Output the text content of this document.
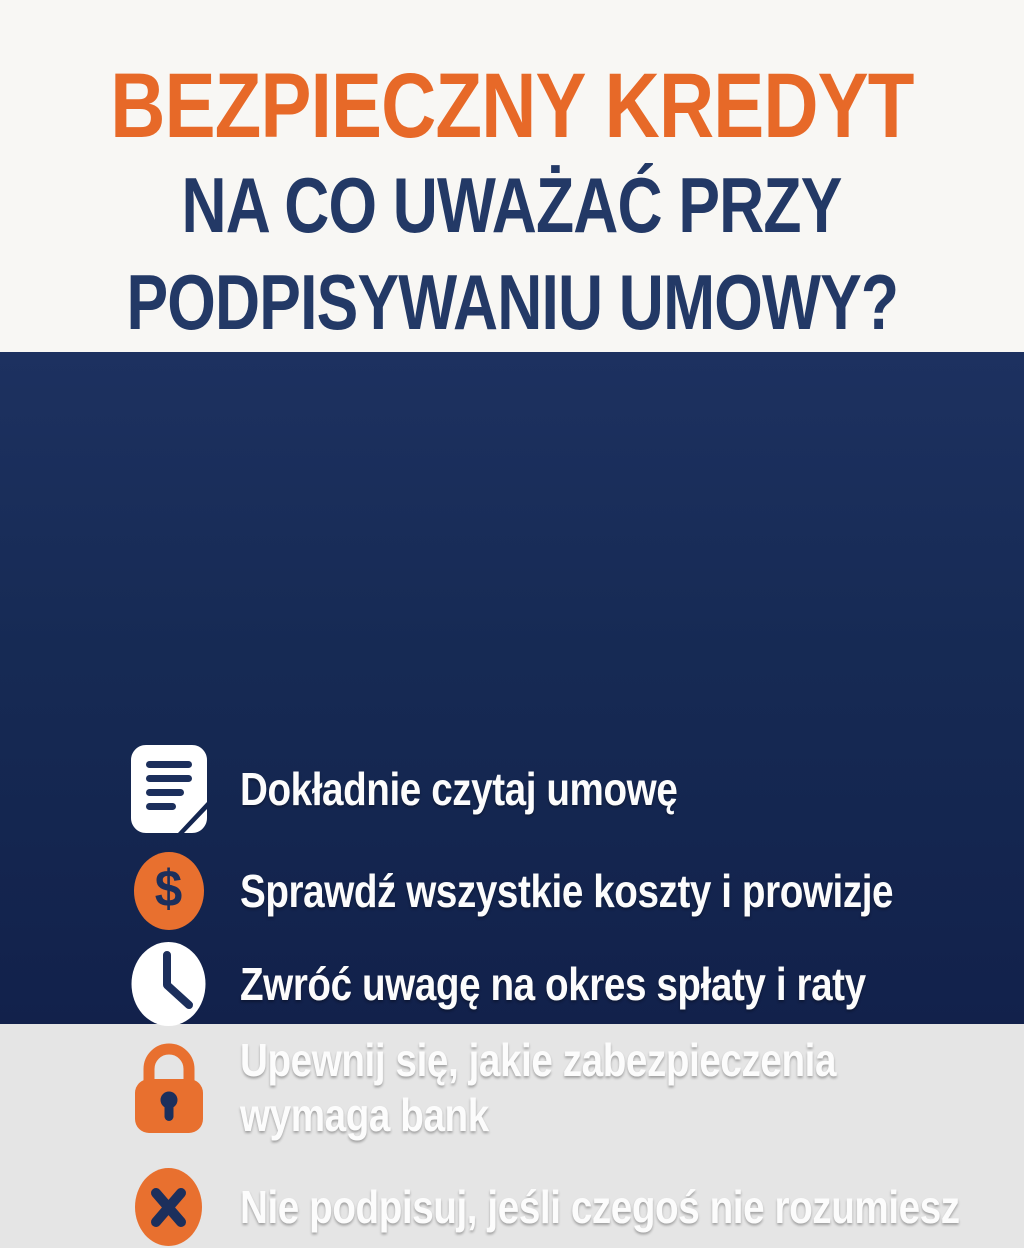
BEZPIECZNY KREDYT
NA CO UWAŻAĆ PRZY
PODPISYWANIU UMOWY?
Dokładnie czytaj umowę
$ Sprawdź wszystkie koszty i prowizje
Zwróć uwagę na okres spłaty i raty
Upewnij się, jakie zabezpieczenia wymaga bank
Nie podpisuj, jeśli czegoś nie rozumiesz
